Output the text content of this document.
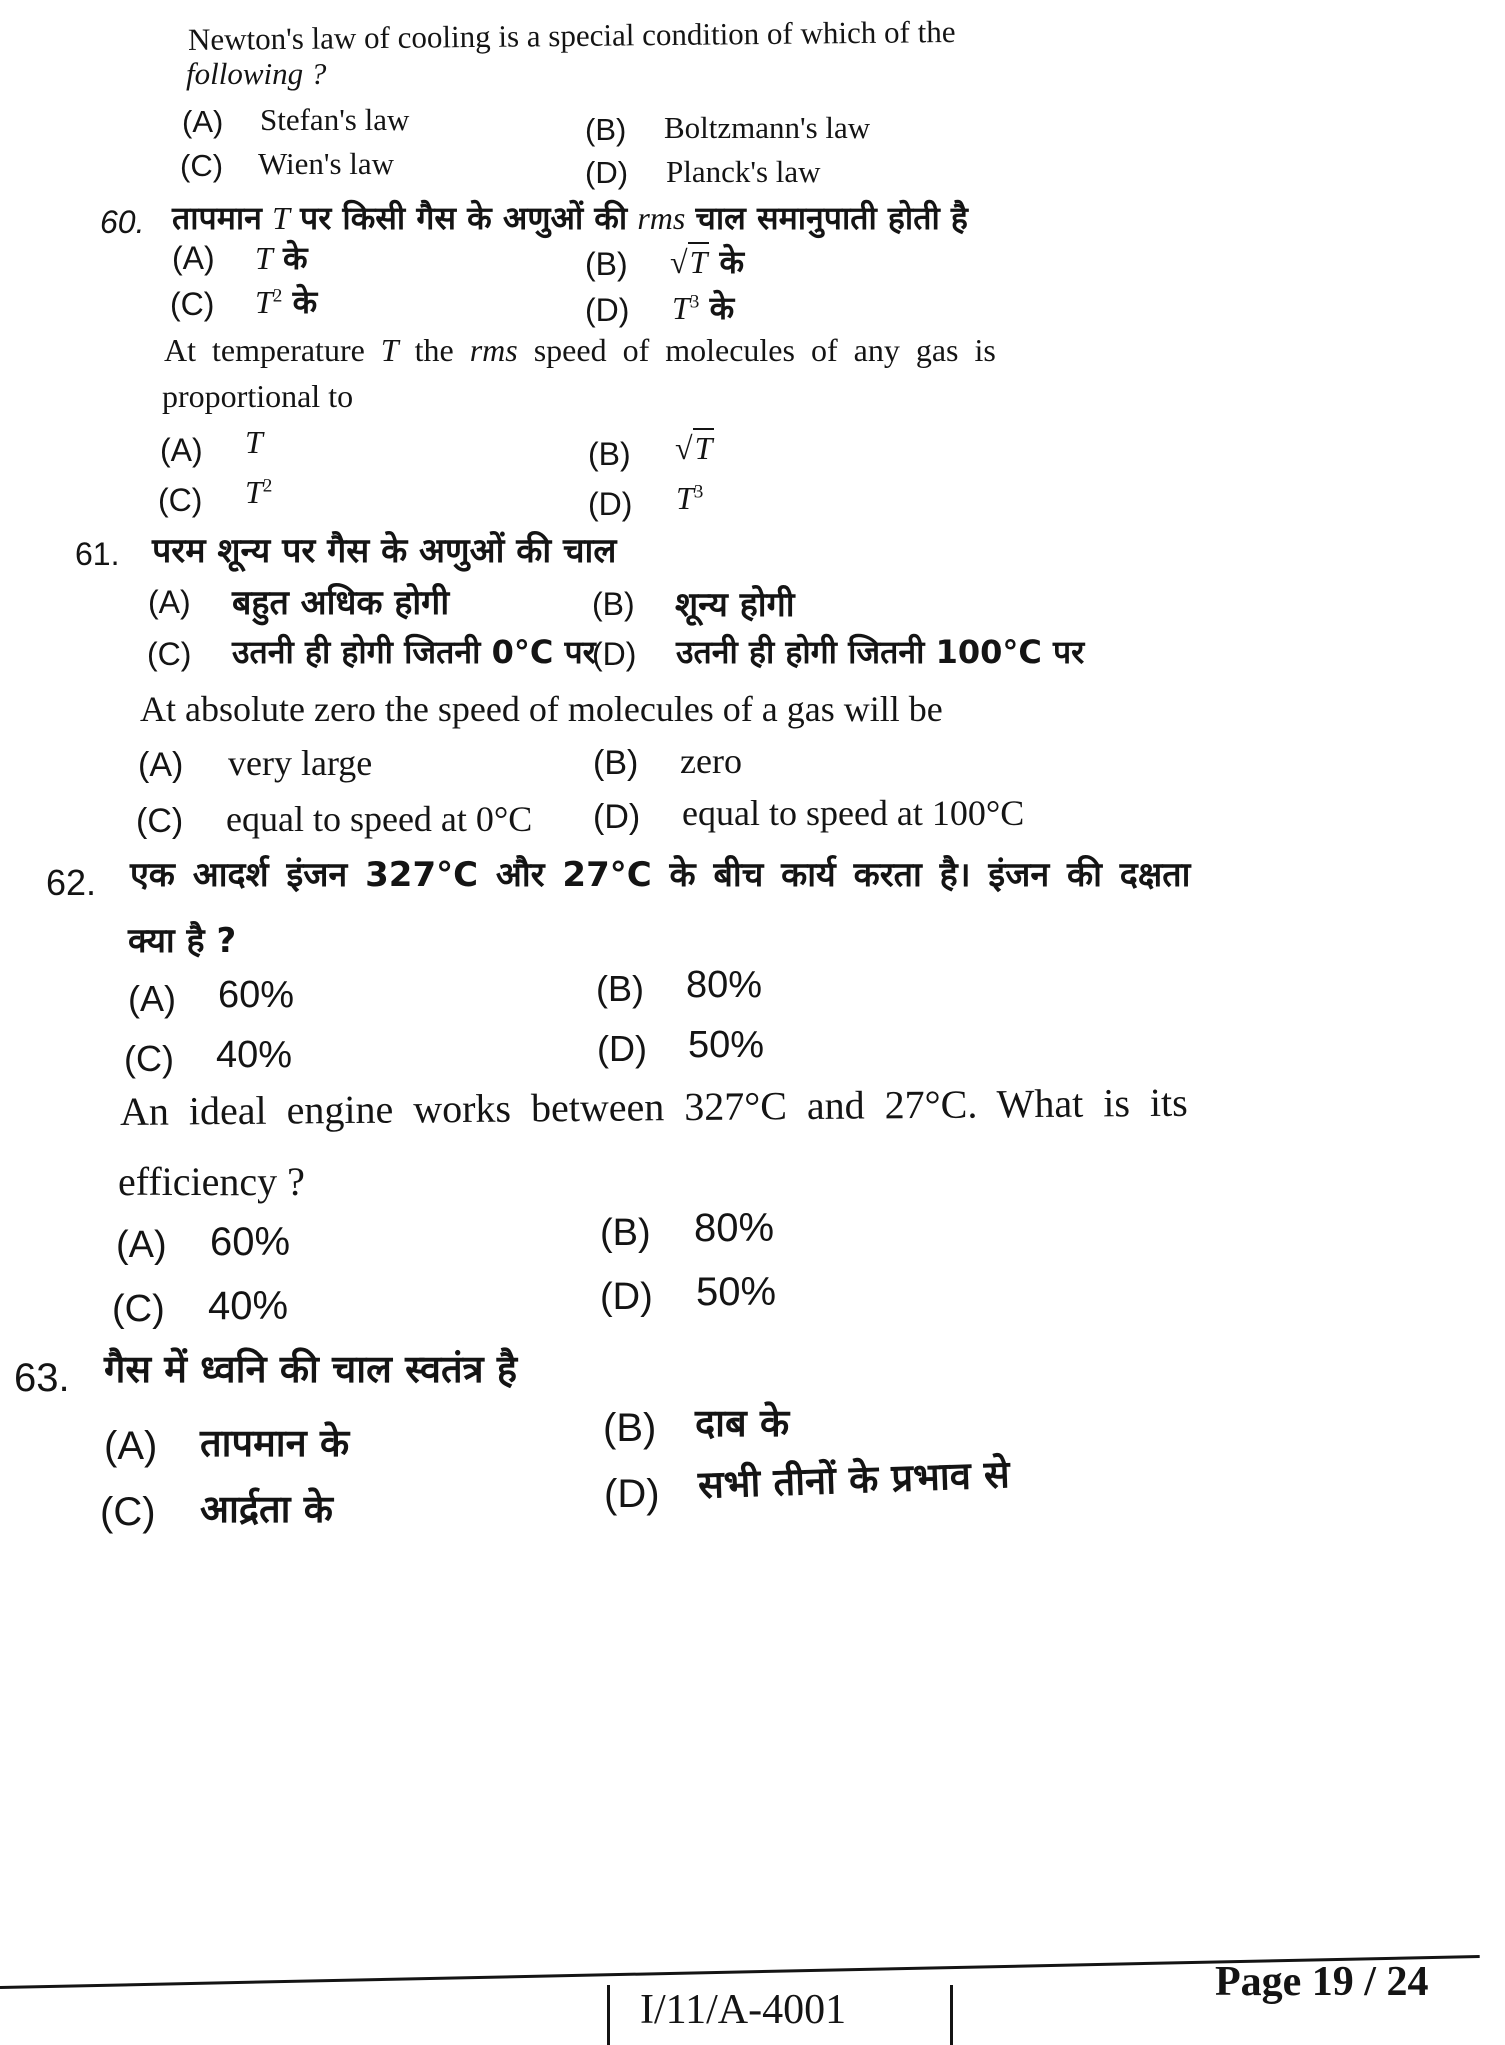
Newton's law of cooling is a special condition of which of the
following ?
(A) Stefan's law	(B) Boltzmann's law
(C) Wien's law	(D) Planck's law
60. तापमान T पर किसी गैस के अणुओं की rms चाल समानुपाती होती है
(A) T के	(B) √T के
(C) $T^2$ के	(D) $T^3$ के
At temperature T the rms speed of molecules of any gas is
proportional to
(A) T	(B) √T
(C) $T^2$
(D) $T^3$
61. परम शून्य पर गैस के अणुओं की चाल
(A) बहुत अधिक होगी	(B) शून्य होगी
(C) उतनी ही होगी जितनी 0°C पर
(D) उतनी ही होगी जितनी 100°C पर
At absolute zero the speed of molecules of a gas will be
(A) very large	(B) zero
(C) equal to speed at 0°C (D) equal to speed at 100°C
62. एक आदर्श इंजन 327°C और 27°C के बीच कार्य करता है। इंजन की दक्षता
क्या है ?
(A) 60%	(B) 80%
(C) 40%	(D) 50%
An ideal engine works between 327°C and 27°C. What is its
efficiency ?
(A) 60%	(B) 80%
(C) 40%	(D) 50%
63. गैस में ध्वनि की चाल स्वतंत्र है
(A) तापमान के	(B) दाब के
(C) आर्द्रता के	(D) सभी तीनों के प्रभाव से
I/11/A-4001
Page 19 / 24
